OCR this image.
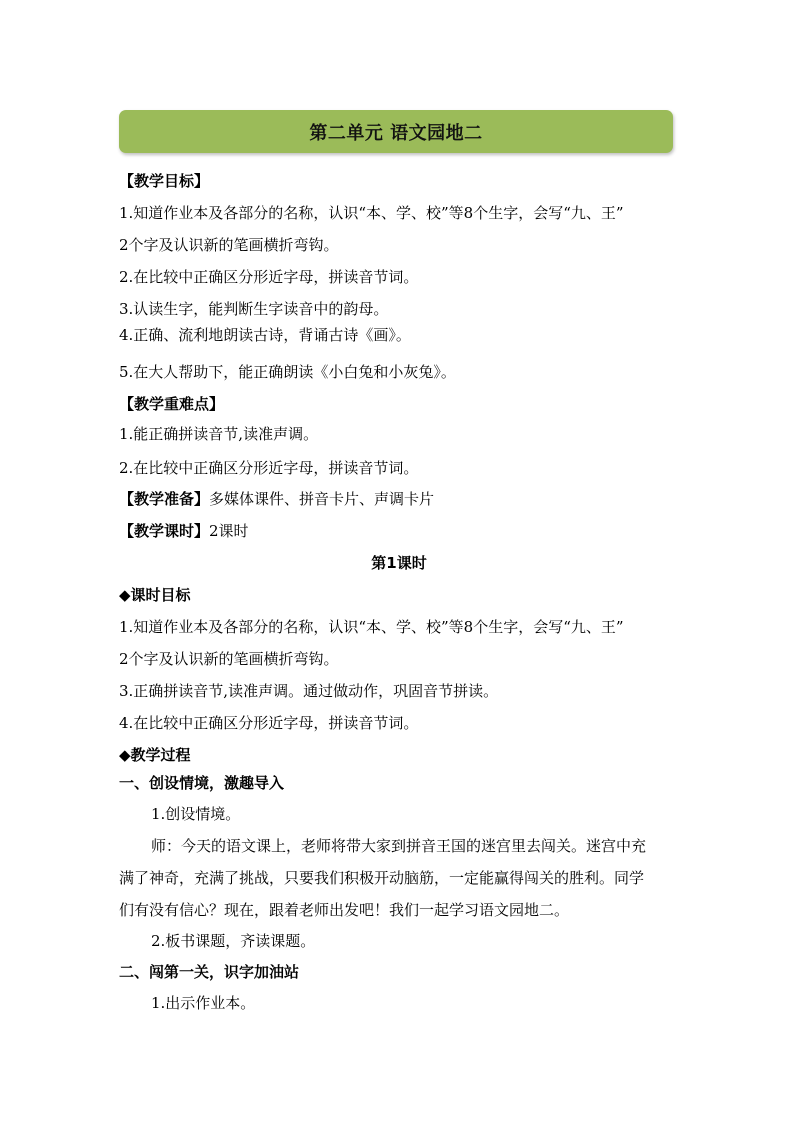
第二单元 语文园地二
【教学目标】
1.知道作业本及各部分的名称，认识“本、学、校”等8个生字，会写“九、王”
2个字及认识新的笔画横折弯钩。
2.在比较中正确区分形近字母，拼读音节词。
3.认读生字，能判断生字读音中的韵母。
4.正确、流利地朗读古诗，背诵古诗《画》。
5.在大人帮助下，能正确朗读《小白兔和小灰兔》。
【教学重难点】
1.能正确拼读音节,读准声调。
2.在比较中正确区分形近字母，拼读音节词。
【教学准备】多媒体课件、拼音卡片、声调卡片
【教学课时】2课时
第1课时
◆课时目标
1.知道作业本及各部分的名称，认识“本、学、校”等8个生字，会写“九、王”
2个字及认识新的笔画横折弯钩。
3.正确拼读音节,读准声调。通过做动作，巩固音节拼读。
4.在比较中正确区分形近字母，拼读音节词。
◆教学过程
一、创设情境，激趣导入
1.创设情境。
师：今天的语文课上，老师将带大家到拼音王国的迷宫里去闯关。迷宫中充
满了神奇，充满了挑战，只要我们积极开动脑筋，一定能赢得闯关的胜利。同学
们有没有信心？现在，跟着老师出发吧！我们一起学习语文园地二。
2.板书课题，齐读课题。
二、闯第一关，识字加油站
1.出示作业本。
